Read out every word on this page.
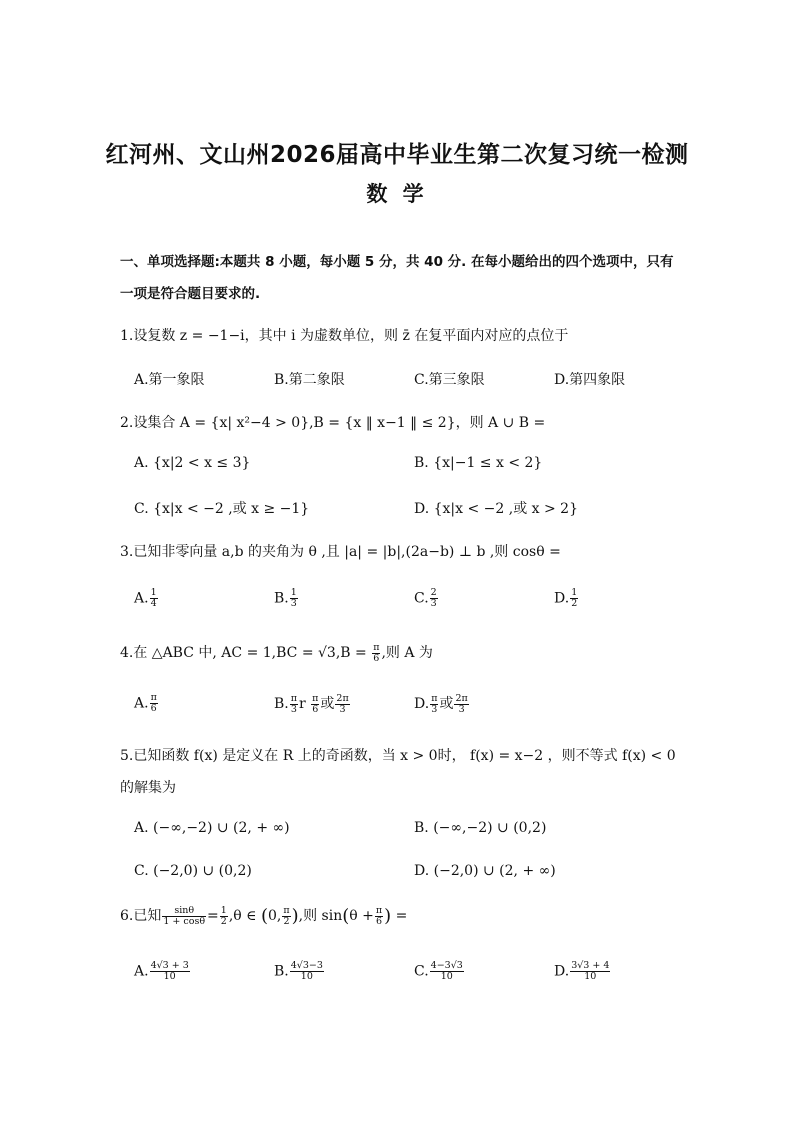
红河州、文山州2026届高中毕业生第二次复习统一检测
数 学
一、单项选择题:本题共 8 小题，每小题 5 分，共 40 分. 在每小题给出的四个选项中，只有
一项是符合题目要求的.
1.设复数 z = −1−i，其中 i 为虚数单位，则 z̄ 在复平面内对应的点位于
A.第一象限	B.第二象限	C.第三象限	D.第四象限
2.设集合 A = {x| x²−4 > 0},B = {x ‖ x−1 ‖ ≤ 2}，则 A ∪ B =
A. {x|2 < x ≤ 3}	B. {x|−1 ≤ x < 2}
C. {x|x < −2 ,或 x ≥ −1}	D. {x|x < −2 ,或 x > 2}
3.已知非零向量 a,b 的夹角为 θ ,且 |a| = |b|,(2a−b) ⊥ b ,则 cosθ =
A. $\frac{1}{4}$	B. $\frac{1}{3}$	C. $\frac{2}{3}$	D. $\frac{1}{2}$
4.在 △ABC 中, AC = $1,BC = √3,B = \frac{\pi}{6}$ ,则 A 为
A. $\frac{\pi}{6}$	B. $\frac{\pi}{3}$ r $\frac{\pi}{6}$ 或 $\frac{2\pi}{3}$	D. $\frac{\pi}{3}$ 或 $\frac{2\pi}{3}$
5.已知函数 f(x) 是定义在 R 上的奇函数，当 x > 0时， f(x) = x−2 ，则不等式 f(x) < 0
的解集为
A. (−∞,−2) ∪ (2, + ∞)	B. (−∞,−2) ∪ (0,2)
C. (−2,0) ∪ (0,2)	D. (−2,0) ∪ (2, + ∞)
6.已知 $\frac{\sin\theta}{1 + \cos\theta} = \frac{1}{2} ,\theta$ ∈ (0, $\frac{\pi}{2}$ ),则 $\sin(\theta + \frac{\pi}{6}$ ) =
A. $\frac{4√3 + 3}{10}$	B. $\frac{4√3-3}{10}$	C. $\frac{4-3√3}{10}$	D. $\frac{3√3 + 4}{10}$
